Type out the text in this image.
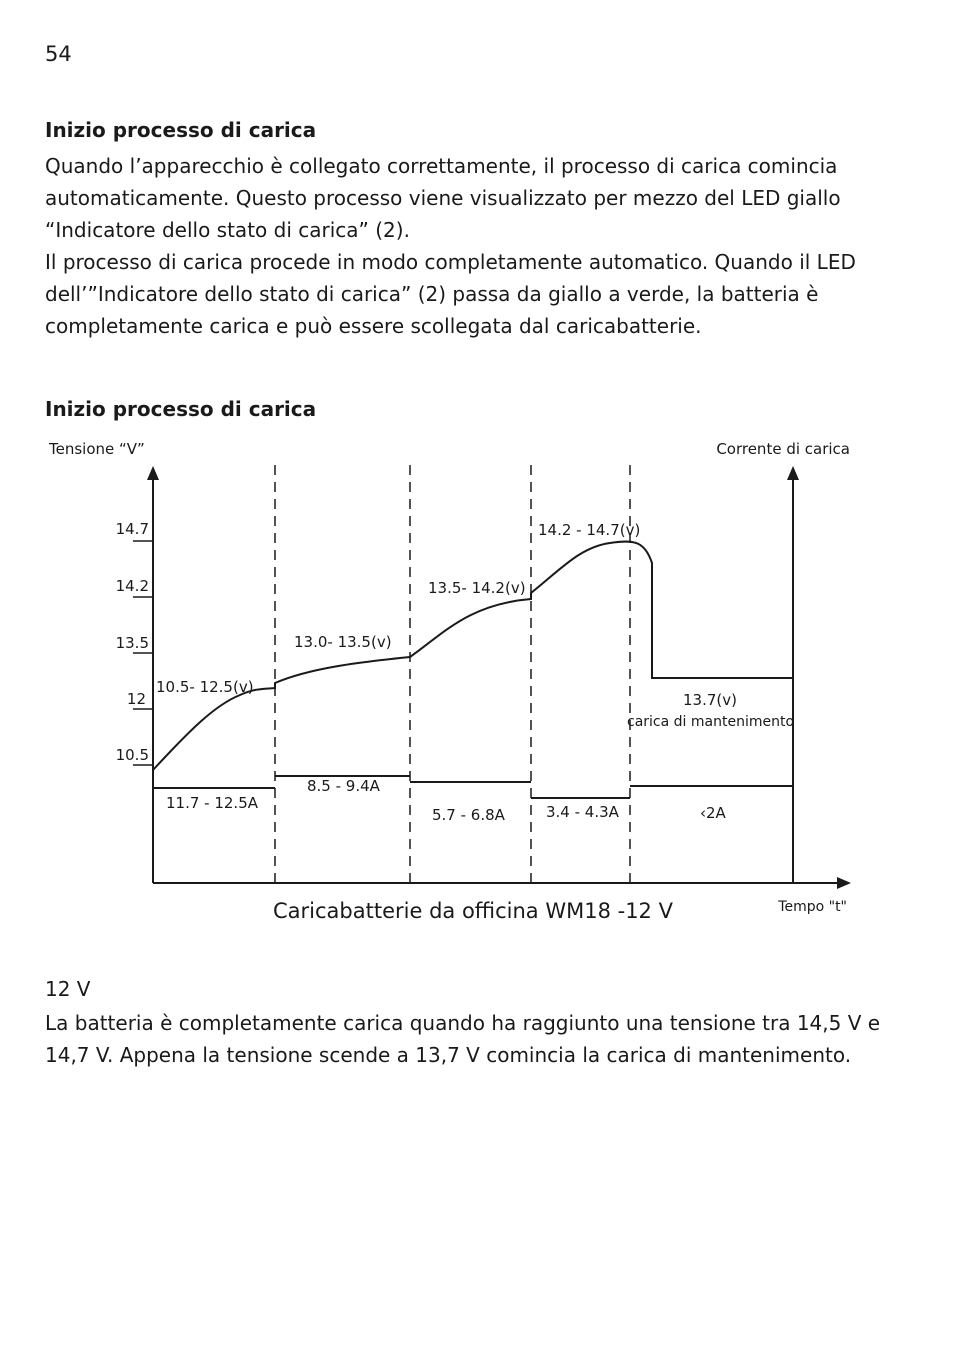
54
Inizio processo di carica

Quando l’apparecchio è collegato correttamente, il processo di carica comincia automaticamente. Questo processo viene visualizzato per mezzo del LED giallo “Indicatore dello stato di carica” (2).

Il processo di carica procede in modo completamente automatico. Quando il LED dell’”Indicatore dello stato di carica” (2) passa da giallo a verde, la batteria è completamente carica e può essere scollegata dal caricabatterie.

Inizio processo di carica
Tensione “V”	Corrente di carica
Tempo "t"
Caricabatterie da officina WM18 -12 V
14.7
14.2
13.5
12
10.5
10.5- 12.5(v)
13.0- 13.5(v)
13.5- 14.2(v)
14.2 - 14.7(v)
13.7(v)
carica di mantenimento
11.7 - 12.5A
8.5 - 9.4A
5.7 - 6.8A	3.4 - 4.3A	‹2A
12 V
La batteria è completamente carica quando ha raggiunto una tensione tra 14,5 V e 14,7 V. Appena la tensione scende a 13,7 V comincia la carica di mantenimento.
